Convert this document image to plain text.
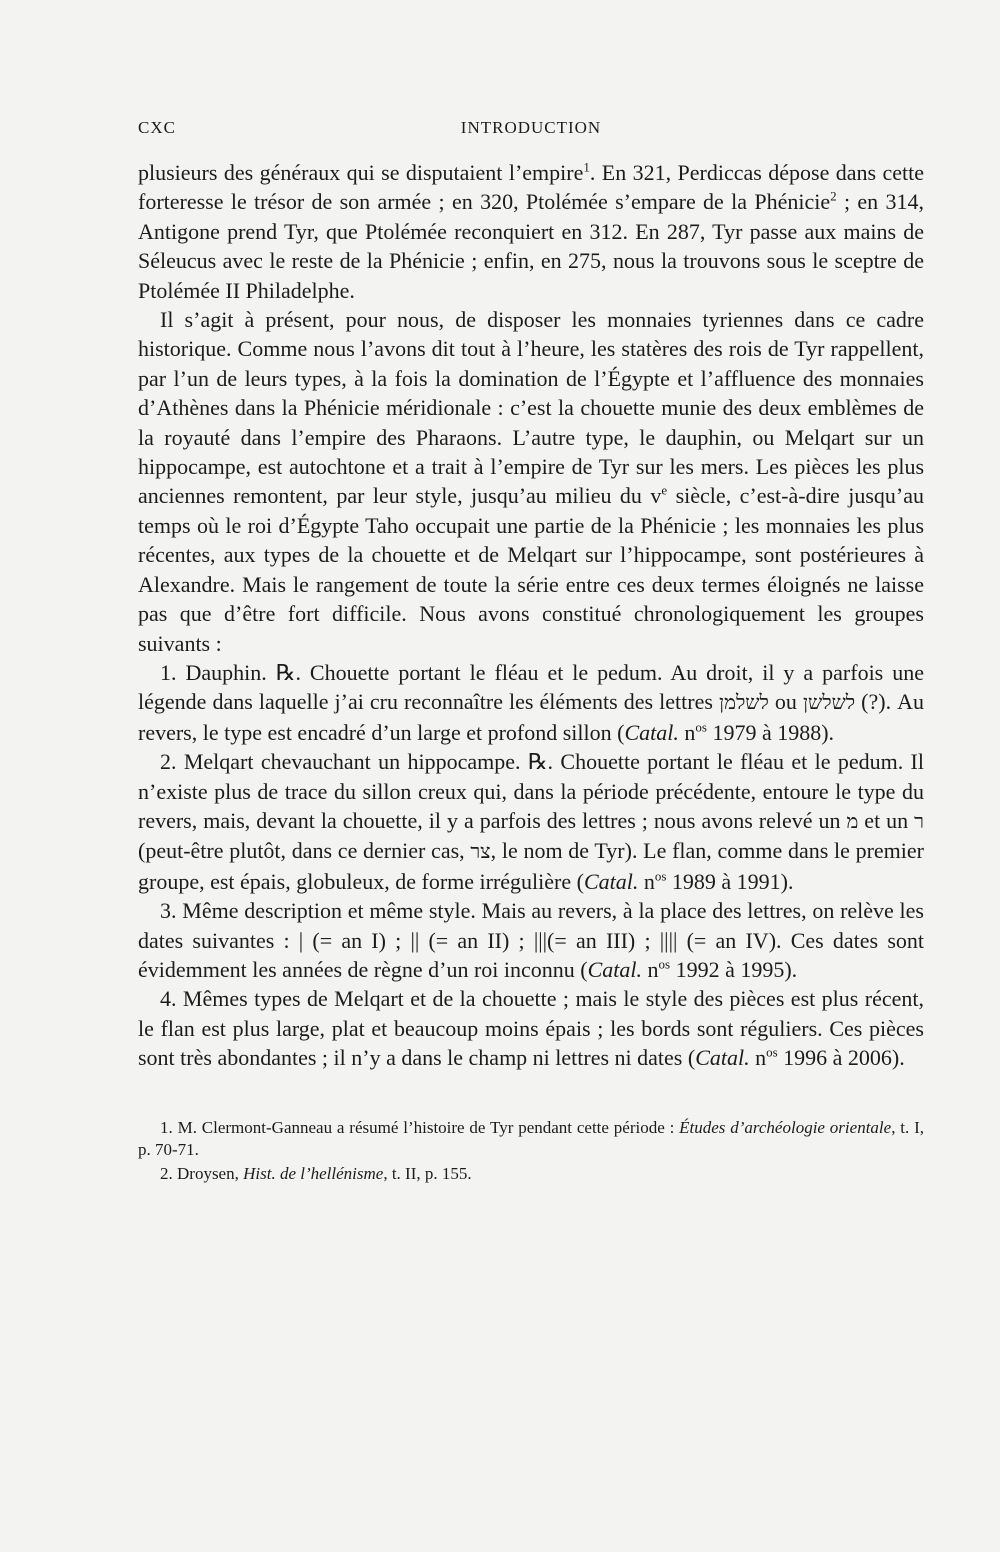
CXC	INTRODUCTION

plusieurs des généraux qui se disputaient l’empire$^1$. En 321, Perdiccas dépose dans cette forteresse le trésor de son armée ; en 320, Ptolémée s’empare de la Phénicie$^2$ ; en 314, Antigone prend Tyr, que Ptolémée reconquiert en 312. En 287, Tyr passe aux mains de Séleucus avec le reste de la Phénicie ; enfin, en 275, nous la trouvons sous le sceptre de Ptolémée II Philadelphe.

Il s’agit à présent, pour nous, de disposer les monnaies tyriennes dans ce cadre historique. Comme nous l’avons dit tout à l’heure, les statères des rois de Tyr rappellent, par l’un de leurs types, à la fois la domination de l’Égypte et l’affluence des monnaies d’Athènes dans la Phénicie méridionale : c’est la chouette munie des deux emblèmes de la royauté dans l’empire des Pharaons. L’autre type, le dauphin, ou Melqart sur un hippocampe, est autochtone et a trait à l’empire de Tyr sur les mers. Les pièces les plus anciennes remontent, par leur style, jusqu’au milieu du $v^e$ siècle, c’est-à-dire jusqu’au temps où le roi d’Égypte Taho occupait une partie de la Phénicie ; les monnaies les plus récentes, aux types de la chouette et de Melqart sur l’hippocampe, sont postérieures à Alexandre. Mais le rangement de toute la série entre ces deux termes éloignés ne laisse pas que d’être fort difficile. Nous avons constitué chronologiquement les groupes suivants :

1. Dauphin. ℞. Chouette portant le fléau et le pedum. Au droit, il y a parfois une légende dans laquelle j’ai cru reconnaître les éléments des lettres לשלמן ou לשלשן (?). Au revers, le type est encadré d’un large et profond sillon (Catal. $n^{os}$ 1979 à 1988).

2. Melqart chevauchant un hippocampe. ℞. Chouette portant le fléau et le pedum. Il n’existe plus de trace du sillon creux qui, dans la période précédente, entoure le type du revers, mais, devant la chouette, il y a parfois des lettres ; nous avons relevé un מ et un ר (peut-être plutôt, dans ce dernier cas, צר, le nom de Tyr). Le flan, comme dans le premier groupe, est épais, globuleux, de forme irrégulière (Catal. $n^{os}$ 1989 à 1991).

3. Même description et même style. Mais au revers, à la place des lettres, on relève les dates suivantes : | (= an I) ; || (= an II) ; |||(= an III) ; |||| (= an IV). Ces dates sont évidemment les années de règne d’un roi inconnu (Catal. $n^{os}$ 1992 à 1995).

4. Mêmes types de Melqart et de la chouette ; mais le style des pièces est plus récent, le flan est plus large, plat et beaucoup moins épais ; les bords sont réguliers. Ces pièces sont très abondantes ; il n’y a dans le champ ni lettres ni dates (Catal. $n^{os}$ 1996 à 2006).

1. M. Clermont-Ganneau a résumé l’histoire de Tyr pendant cette période : Études d’archéologie orientale, t. I, p. 70-71.

2. Droysen, Hist. de l’hellénisme, t. II, p. 155.
